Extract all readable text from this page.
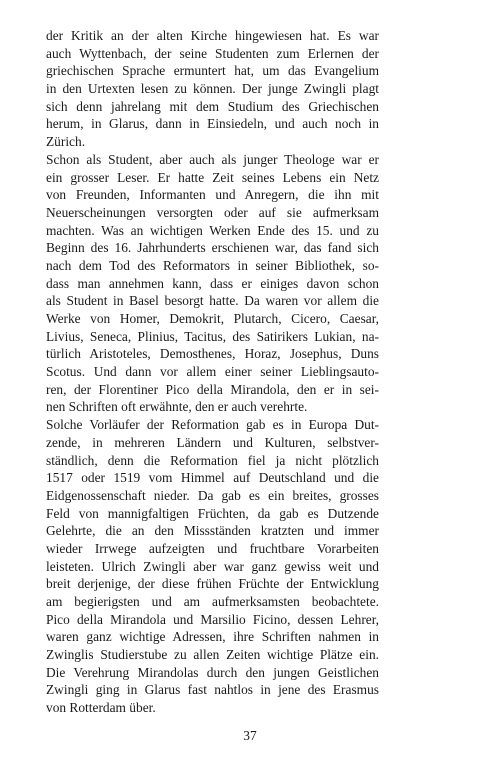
der Kritik an der alten Kirche hingewiesen hat. Es war
auch Wyttenbach, der seine Studenten zum Erlernen der
griechischen Sprache ermuntert hat, um das Evangelium
in den Urtexten lesen zu können. Der junge Zwingli plagt
sich denn jahrelang mit dem Studium des Griechischen
herum, in Glarus, dann in Einsiedeln, und auch noch in
Zürich.
Schon als Student, aber auch als junger Theologe war er
ein grosser Leser. Er hatte Zeit seines Lebens ein Netz
von Freunden, Informanten und Anregern, die ihn mit
Neuerscheinungen versorgten oder auf sie aufmerksam
machten. Was an wichtigen Werken Ende des 15. und zu
Beginn des 16. Jahrhunderts erschienen war, das fand sich
nach dem Tod des Reformators in seiner Bibliothek, so-
dass man annehmen kann, dass er einiges davon schon
als Student in Basel besorgt hatte. Da waren vor allem die
Werke von Homer, Demokrit, Plutarch, Cicero, Caesar,
Livius, Seneca, Plinius, Tacitus, des Satirikers Lukian, na-
türlich Aristoteles, Demosthenes, Horaz, Josephus, Duns
Scotus. Und dann vor allem einer seiner Lieblingsauto-
ren, der Florentiner Pico della Mirandola, den er in sei-
nen Schriften oft erwähnte, den er auch verehrte.
Solche Vorläufer der Reformation gab es in Europa Dut-
zende, in mehreren Ländern und Kulturen, selbstver-
ständlich, denn die Reformation fiel ja nicht plötzlich
1517 oder 1519 vom Himmel auf Deutschland und die
Eidgenossenschaft nieder. Da gab es ein breites, grosses
Feld von mannigfaltigen Früchten, da gab es Dutzende
Gelehrte, die an den Missständen kratzten und immer
wieder Irrwege aufzeigten und fruchtbare Vorarbeiten
leisteten. Ulrich Zwingli aber war ganz gewiss weit und
breit derjenige, der diese frühen Früchte der Entwicklung
am begierigsten und am aufmerksamsten beobachtete.
Pico della Mirandola und Marsilio Ficino, dessen Lehrer,
waren ganz wichtige Adressen, ihre Schriften nahmen in
Zwinglis Studierstube zu allen Zeiten wichtige Plätze ein.
Die Verehrung Mirandolas durch den jungen Geistlichen
Zwingli ging in Glarus fast nahtlos in jene des Erasmus
von Rotterdam über.
37
